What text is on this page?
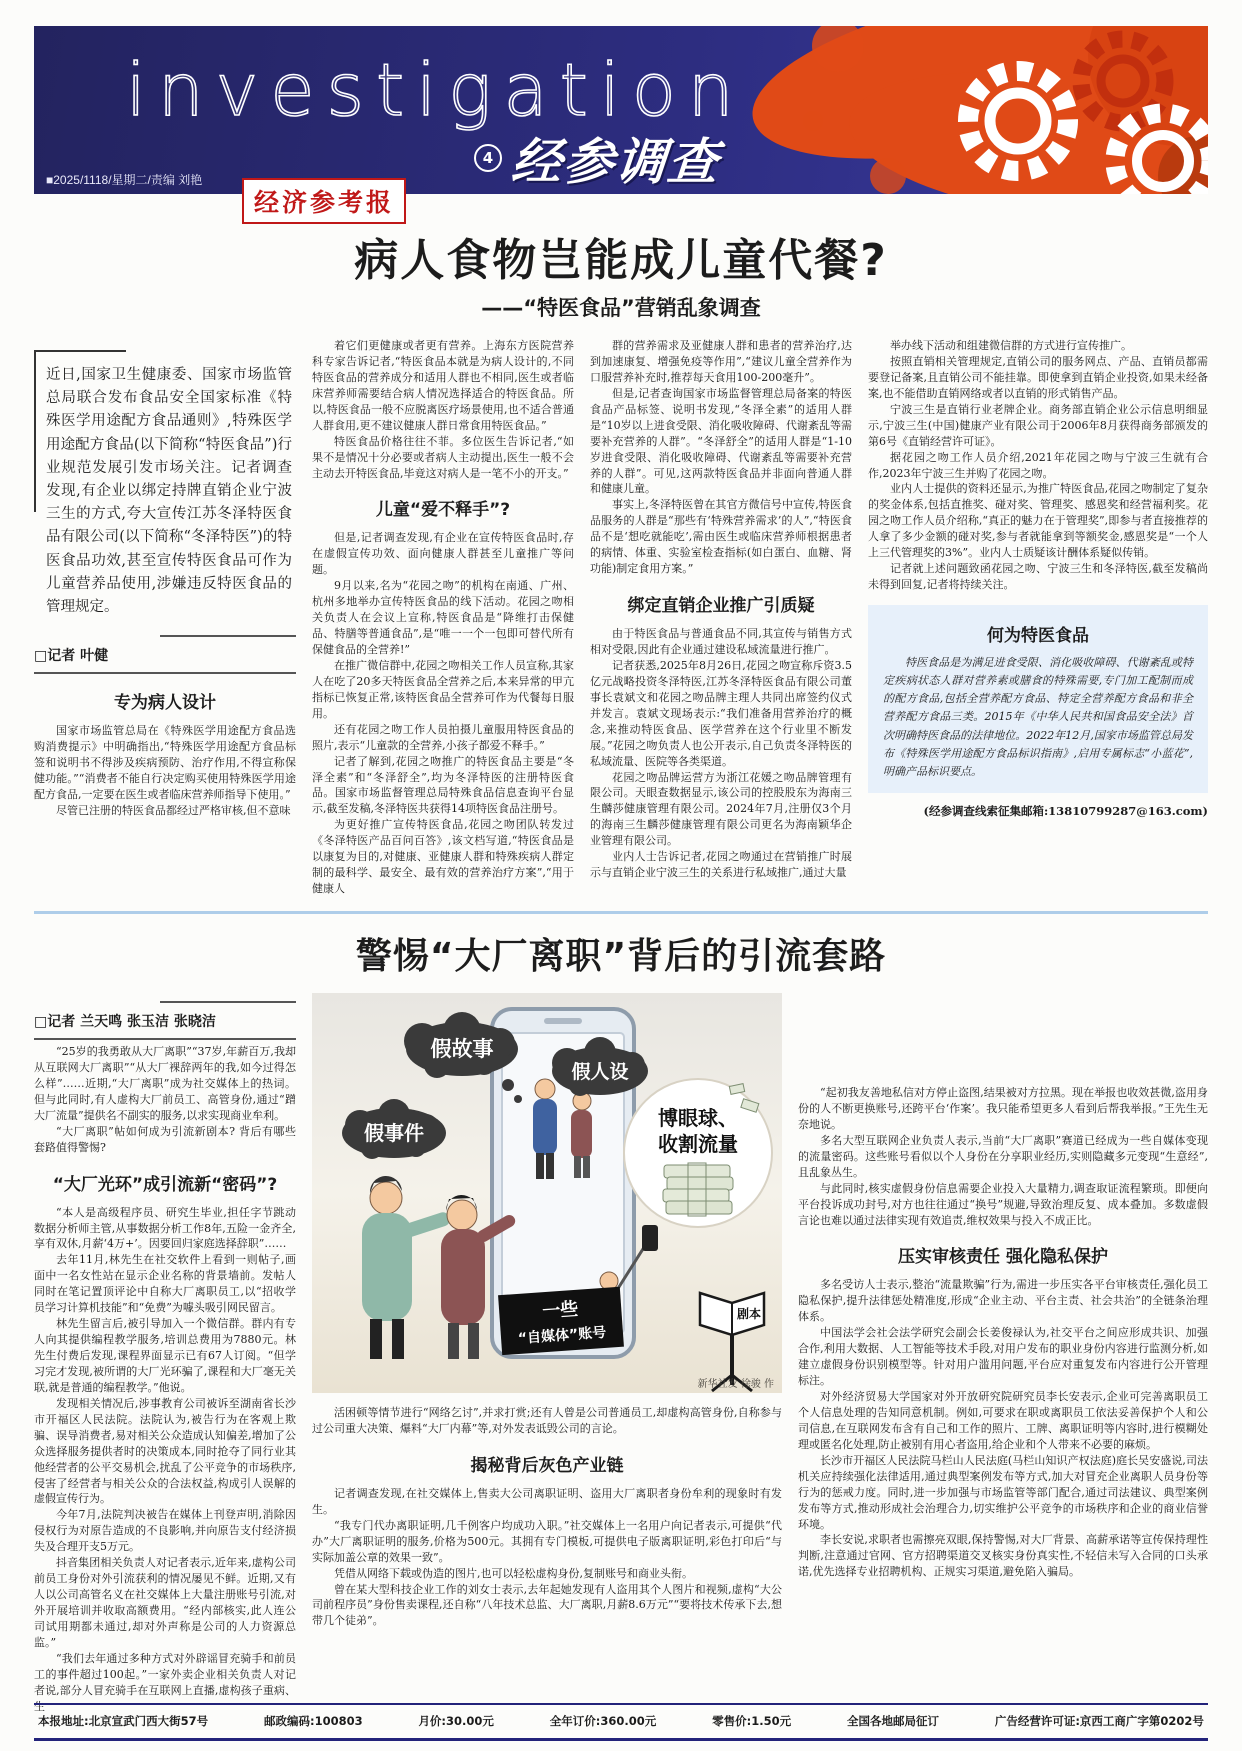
investigation
4 经参调查
■2025/1118/星期二/责编 刘艳
经济参考报
病人食物岂能成儿童代餐?
——“特医食品”营销乱象调查
近日,国家卫生健康委、国家市场监管总局联合发布食品安全国家标准《特殊医学用途配方食品通则》,特殊医学用途配方食品(以下简称“特医食品”)行业规范发展引发市场关注。记者调查发现,有企业以绑定持牌直销企业宁波三生的方式,夸大宣传江苏冬泽特医食品有限公司(以下简称“冬泽特医”)的特医食品功效,甚至宣传特医食品可作为儿童营养品使用,涉嫌违反特医食品的管理规定。
□记者 叶健
专为病人设计

国家市场监管总局在《特殊医学用途配方食品选购消费提示》中明确指出,“特殊医学用途配方食品标签和说明书不得涉及疾病预防、治疗作用,不得宣称保健功能。”“消费者不能自行决定购买使用特殊医学用途配方食品,一定要在医生或者临床营养师指导下使用。”

尽管已注册的特医食品都经过严格审核,但不意味

着它们更健康或者更有营养。上海东方医院营养科专家告诉记者,“特医食品本就是为病人设计的,不同特医食品的营养成分和适用人群也不相同,医生或者临床营养师需要结合病人情况选择适合的特医食品。所以,特医食品一般不应脱离医疗场景使用,也不适合普通人群食用,更不建议健康人群日常食用特医食品。”

特医食品价格往往不菲。多位医生告诉记者,“如果不是情况十分必要或者病人主动提出,医生一般不会主动去开特医食品,毕竟这对病人是一笔不小的开支。”

儿童“爱不释手”?

但是,记者调查发现,有企业在宣传特医食品时,存在虚假宣传功效、面向健康人群甚至儿童推广等问题。

9月以来,名为“花园之吻”的机构在南通、广州、杭州多地举办宣传特医食品的线下活动。花园之吻相关负责人在会议上宣称,特医食品是“降维打击保健品、特膳等普通食品”,是“唯一一个一包即可替代所有保健食品的全营养!”

在推广微信群中,花园之吻相关工作人员宣称,其家人在吃了20多天特医食品全营养之后,本来异常的甲亢指标已恢复正常,该特医食品全营养可作为代餐每日服用。

还有花园之吻工作人员拍摄儿童服用特医食品的照片,表示“儿童款的全营养,小孩子都爱不释手。”

记者了解到,花园之吻推广的特医食品主要是“冬泽全素”和“冬泽舒全”,均为冬泽特医的注册特医食品。国家市场监督管理总局特殊食品信息查询平台显示,截至发稿,冬泽特医共获得14项特医食品注册号。

为更好推广宣传特医食品,花园之吻团队转发过《冬泽特医产品百问百答》,该文档写道,“特医食品是以康复为目的,对健康、亚健康人群和特殊疾病人群定制的最科学、最安全、最有效的营养治疗方案”,“用于健康人

群的营养需求及亚健康人群和患者的营养治疗,达到加速康复、增强免疫等作用”,“建议儿童全营养作为口服营养补充时,推荐每天食用100-200毫升”。

但是,记者查询国家市场监督管理总局备案的特医食品产品标签、说明书发现,“冬泽全素”的适用人群是“10岁以上进食受限、消化吸收障碍、代谢紊乱等需要补充营养的人群”。“冬泽舒全”的适用人群是“1-10岁进食受限、消化吸收障碍、代谢紊乱等需要补充营养的人群”。可见,这两款特医食品并非面向普通人群和健康儿童。

事实上,冬泽特医曾在其官方微信号中宣传,特医食品服务的人群是“那些有‘特殊营养需求’的人”,“特医食品不是‘想吃就能吃’,需由医生或临床营养师根据患者的病情、体重、实验室检查指标(如白蛋白、血糖、肾功能)制定食用方案。”

绑定直销企业推广引质疑

由于特医食品与普通食品不同,其宣传与销售方式相对受限,因此有企业通过建设私域流量进行推广。

记者获悉,2025年8月26日,花园之吻宣称斥资3.5亿元战略投资冬泽特医,江苏冬泽特医食品有限公司董事长袁斌文和花园之吻品牌主理人共同出席签约仪式并发言。袁斌文现场表示:“我们准备用营养治疗的概念,来推动特医食品、医学营养在这个行业里不断发展。”花园之吻负责人也公开表示,自己负责冬泽特医的私域流量、医院等各类渠道。

花园之吻品牌运营方为浙江花媛之吻品牌管理有限公司。天眼查数据显示,该公司的控股股东为海南三生麟莎健康管理有限公司。2024年7月,注册仅3个月的海南三生麟莎健康管理有限公司更名为海南颖华企业管理有限公司。

业内人士告诉记者,花园之吻通过在营销推广时展示与直销企业宁波三生的关系进行私域推广,通过大量

举办线下活动和组建微信群的方式进行宣传推广。

按照直销相关管理规定,直销公司的服务网点、产品、直销员都需要登记备案,且直销公司不能挂靠。即使拿到直销企业投资,如果未经备案,也不能借助直销网络或者以直销的形式销售产品。

宁波三生是直销行业老牌企业。商务部直销企业公示信息明细显示,宁波三生(中国)健康产业有限公司于2006年8月获得商务部颁发的第6号《直销经营许可证》。

据花园之吻工作人员介绍,2021年花园之吻与宁波三生就有合作,2023年宁波三生并购了花园之吻。

业内人士提供的资料还显示,为推广特医食品,花园之吻制定了复杂的奖金体系,包括直推奖、碰对奖、管理奖、感恩奖和经营福利奖。花园之吻工作人员介绍称,“真正的魅力在于管理奖”,即参与者直接推荐的人拿了多少金额的碰对奖,参与者就能拿到等额奖金,感恩奖是“一个人上三代管理奖的3%”。业内人士质疑该计酬体系疑似传销。

记者就上述问题致函花园之吻、宁波三生和冬泽特医,截至发稿尚未得到回复,记者将持续关注。

何为特医食品

特医食品是为满足进食受限、消化吸收障碍、代谢紊乱或特定疾病状态人群对营养素或膳食的特殊需要,专门加工配制而成的配方食品,包括全营养配方食品、特定全营养配方食品和非全营养配方食品三类。2015年《中华人民共和国食品安全法》首次明确特医食品的法律地位。2022年12月,国家市场监管总局发布《特殊医学用途配方食品标识指南》,启用专属标志“小蓝花”,明确产品标识要点。

(经参调查线索征集邮箱:13810799287@163.com)
警惕“大厂离职”背后的引流套路
□记者 兰天鸣 张玉洁 张晓洁

“25岁的我勇敢从大厂离职”“37岁,年薪百万,我却从互联网大厂离职”“从大厂裸辞两年的我,如今过得怎么样”……近期,“大厂离职”成为社交媒体上的热词。但与此同时,有人虚构大厂前员工、高管身份,通过“蹭大厂流量”提供名不副实的服务,以求实现商业牟利。

“大厂离职”帖如何成为引流新剧本? 背后有哪些套路值得警惕?

“大厂光环”成引流新“密码”?

“本人是高级程序员、研究生毕业,担任字节跳动数据分析师主管,从事数据分析工作8年,五险一金齐全,享有双休,月薪‘4万+’。因要回归家庭选择辞职”……

去年11月,林先生在社交软件上看到一则帖子,画面中一名女性站在显示企业名称的背景墙前。发帖人同时在笔记置顶评论中自称大厂离职员工,以“招收学员学习计算机技能”和“免费”为噱头吸引网民留言。

林先生留言后,被引导加入一个微信群。群内有专人向其提供编程教学服务,培训总费用为7880元。林先生付费后发现,课程界面显示已有67人订阅。“但学习完才发现,被所谓的大厂光环骗了,课程和大厂毫无关联,就是普通的编程教学。”他说。

发现相关情况后,涉事教育公司被诉至湖南省长沙市开福区人民法院。法院认为,被告行为在客观上欺骗、误导消费者,易对相关公众造成认知偏差,增加了公众选择服务提供者时的决策成本,同时抢夺了同行业其他经营者的公平交易机会,扰乱了公平竞争的市场秩序,侵害了经营者与相关公众的合法权益,构成引人误解的虚假宣传行为。

今年7月,法院判决被告在媒体上刊登声明,消除因侵权行为对原告造成的不良影响,并向原告支付经济损失及合理开支5万元。

抖音集团相关负责人对记者表示,近年来,虚构公司前员工身份对外引流获利的情况屡见不鲜。近期,又有人以公司高管名义在社交媒体上大量注册账号引流,对外开展培训并收取高额费用。“经内部核实,此人连公司试用期都未通过,却对外声称是公司的人力资源总监。”

“我们去年通过多种方式对外辟谣冒充骑手和前员工的事件超过100起。”一家外卖企业相关负责人对记者说,部分人冒充骑手在互联网上直播,虚构孩子重病、生

假故事
假人设
假事件
一些
“自媒体”账号
博眼球、
收割流量
剧本
新华社发 徐骏 作

活困顿等情节进行“网络乞讨”,并求打赏;还有人曾是公司普通员工,却虚构高管身份,自称参与过公司重大决策、爆料“大厂内幕”等,对外发表诋毁公司的言论。

揭秘背后灰色产业链

记者调查发现,在社交媒体上,售卖大公司离职证明、盗用大厂离职者身份牟利的现象时有发生。

“我专门代办离职证明,几千例客户均成功入职。”社交媒体上一名用户向记者表示,可提供“代办”大厂离职证明的服务,价格为500元。其拥有专门模板,可提供电子版离职证明,彩色打印后“与实际加盖公章的效果一致”。

凭借从网络下载或伪造的图片,也可以轻松虚构身份,复制账号和商业头衔。

曾在某大型科技企业工作的刘女士表示,去年起她发现有人盗用其个人图片和视频,虚构“大公司前程序员”身份售卖课程,还自称“八年技术总监、大厂离职,月薪8.6万元”“要将技术传承下去,想带几个徒弟”。

“起初我友善地私信对方停止盗图,结果被对方拉黑。现在举报也收效甚微,盗用身份的人不断更换账号,还跨平台‘作案’。我只能希望更多人看到后帮我举报。”王先生无奈地说。

多名大型互联网企业负责人表示,当前“大厂离职”赛道已经成为一些自媒体变现的流量密码。这些账号看似以个人身份在分享职业经历,实则隐藏多元变现“生意经”,且乱象丛生。

与此同时,核实虚假身份信息需要企业投入大量精力,调查取证流程繁琐。即便向平台投诉成功封号,对方也往往通过“换号”规避,导致治理反复、成本叠加。多数虚假言论也难以通过法律实现有效追责,维权效果与投入不成正比。

压实审核责任 强化隐私保护

多名受访人士表示,整治“流量欺骗”行为,需进一步压实各平台审核责任,强化员工隐私保护,提升法律惩处精准度,形成“企业主动、平台主责、社会共治”的全链条治理体系。

中国法学会社会法学研究会副会长姜俊禄认为,社交平台之间应形成共识、加强合作,利用大数据、人工智能等技术手段,对用户发布的职业身份内容进行监测分析,如建立虚假身份识别模型等。针对用户滥用问题,平台应对重复发布内容进行公开管理标注。

对外经济贸易大学国家对外开放研究院研究员李长安表示,企业可完善离职员工个人信息处理的告知同意机制。例如,可要求在职或离职员工依法妥善保护个人和公司信息,在互联网发布含有自己和工作的照片、工牌、离职证明等内容时,进行模糊处理或匿名化处理,防止被别有用心者盗用,给企业和个人带来不必要的麻烦。

长沙市开福区人民法院马栏山人民法庭(马栏山知识产权法庭)庭长吴安盛说,司法机关应持续强化法律适用,通过典型案例发布等方式,加大对冒充企业离职人员身份等行为的惩戒力度。同时,进一步加强与市场监管等部门配合,通过司法建议、典型案例发布等方式,推动形成社会治理合力,切实维护公平竞争的市场秩序和企业的商业信誉环境。

李长安说,求职者也需擦亮双眼,保持警惕,对大厂背景、高薪承诺等宣传保持理性判断,注意通过官网、官方招聘渠道交叉核实身份真实性,不轻信未写入合同的口头承诺,优先选择专业招聘机构、正规实习渠道,避免陷入骗局。

本报地址:北京宣武门西大街57号	邮政编码:100803	月价:30.00元	全年订价:360.00元	零售价:1.50元	全国各地邮局征订	广告经营许可证:京西工商广字第0202号
